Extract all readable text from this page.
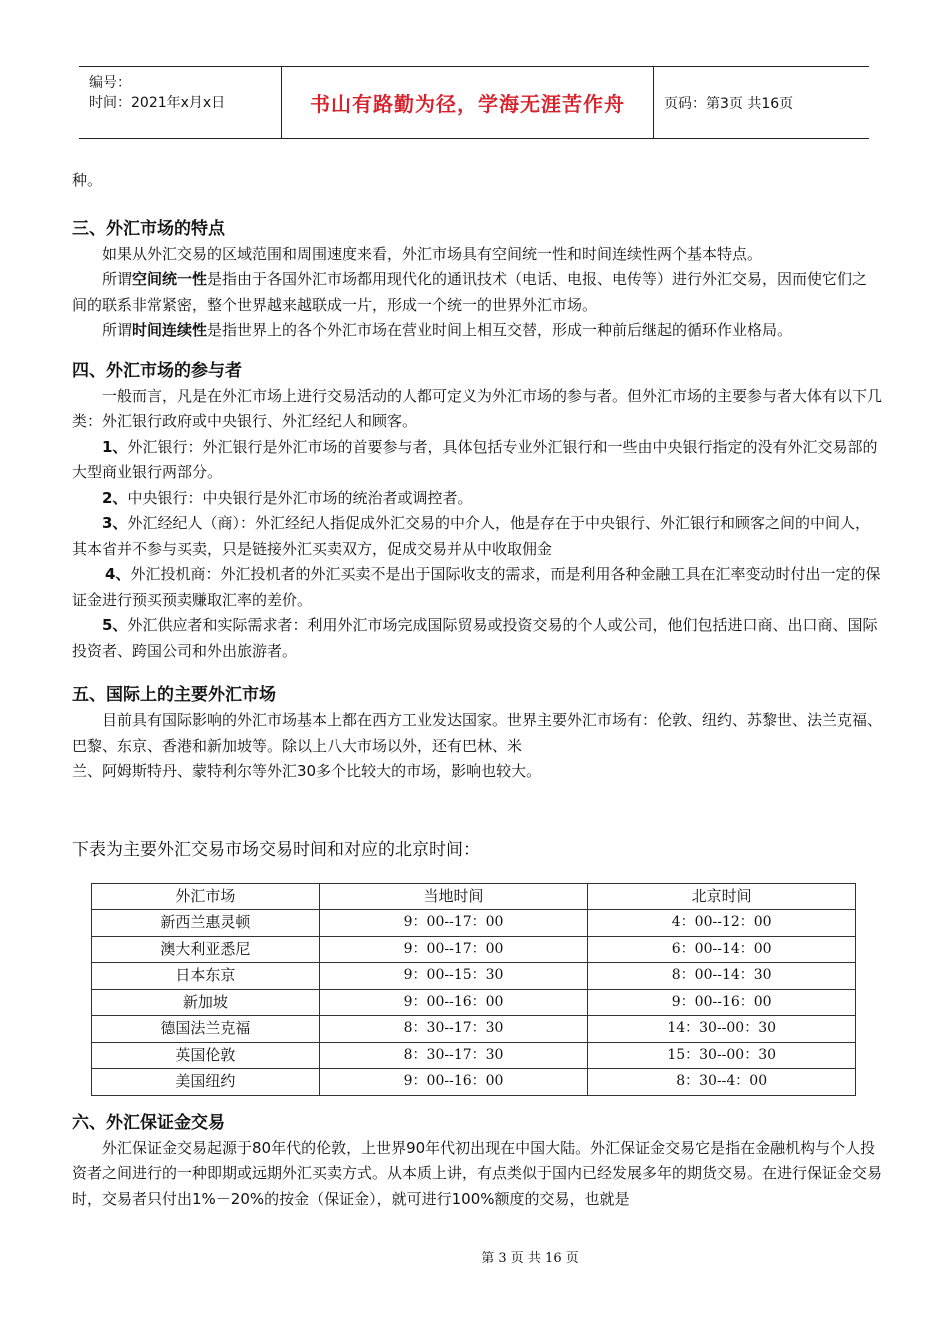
编号：
时间：2021年x月x日	书山有路勤为径，学海无涯苦作舟	页码：第3页 共16页

种。

三、外汇市场的特点

如果从外汇交易的区域范围和周围速度来看，外汇市场具有空间统一性和时间连续性两个基本特点。

所谓空间统一性是指由于各国外汇市场都用现代化的通讯技术（电话、电报、电传等）进行外汇交易，因而使它们之间的联系非常紧密，整个世界越来越联成一片，形成一个统一的世界外汇市场。

所谓时间连续性是指世界上的各个外汇市场在营业时间上相互交替，形成一种前后继起的循环作业格局。

四、外汇市场的参与者

一般而言，凡是在外汇市场上进行交易活动的人都可定义为外汇市场的参与者。但外汇市场的主要参与者大体有以下几类：外汇银行政府或中央银行、外汇经纪人和顾客。

1、外汇银行：外汇银行是外汇市场的首要参与者，具体包括专业外汇银行和一些由中央银行指定的没有外汇交易部的大型商业银行两部分。

2、中央银行：中央银行是外汇市场的统治者或调控者。

3、外汇经纪人（商）：外汇经纪人指促成外汇交易的中介人，他是存在于中央银行、外汇银行和顾客之间的中间人，其本省并不参与买卖，只是链接外汇买卖双方，促成交易并从中收取佣金

4、外汇投机商：外汇投机者的外汇买卖不是出于国际收支的需求，而是利用各种金融工具在汇率变动时付出一定的保证金进行预买预卖赚取汇率的差价。

5、外汇供应者和实际需求者：利用外汇市场完成国际贸易或投资交易的个人或公司，他们包括进口商、出口商、国际投资者、跨国公司和外出旅游者。

五、国际上的主要外汇市场

目前具有国际影响的外汇市场基本上都在西方工业发达国家。世界主要外汇市场有：伦敦、纽约、苏黎世、法兰克福、巴黎、东京、香港和新加坡等。除以上八大市场以外，还有巴林、米

兰、阿姆斯特丹、蒙特利尔等外汇30多个比较大的市场，影响也较大。

下表为主要外汇交易市场交易时间和对应的北京时间：

外汇市场	当地时间	北京时间
新西兰惠灵顿	9：00--17：00	4：00--12：00
澳大利亚悉尼	9：00--17：00	6：00--14：00
日本东京	9：00--15：30	8：00--14：30
新加坡	9：00--16：00	9：00--16：00
德国法兰克福	8：30--17：30	14：30--00：30
英国伦敦	8：30--17：30	15：30--00：30
美国纽约	9：00--16：00	8：30--4：00
六、外汇保证金交易

外汇保证金交易起源于80年代的伦敦，上世界90年代初出现在中国大陆。外汇保证金交易它是指在金融机构与个人投资者之间进行的一种即期或远期外汇买卖方式。从本质上讲，有点类似于国内已经发展多年的期货交易。在进行保证金交易时，交易者只付出1%－20%的按金（保证金），就可进行100%额度的交易，也就是

第 3 页 共 16 页
